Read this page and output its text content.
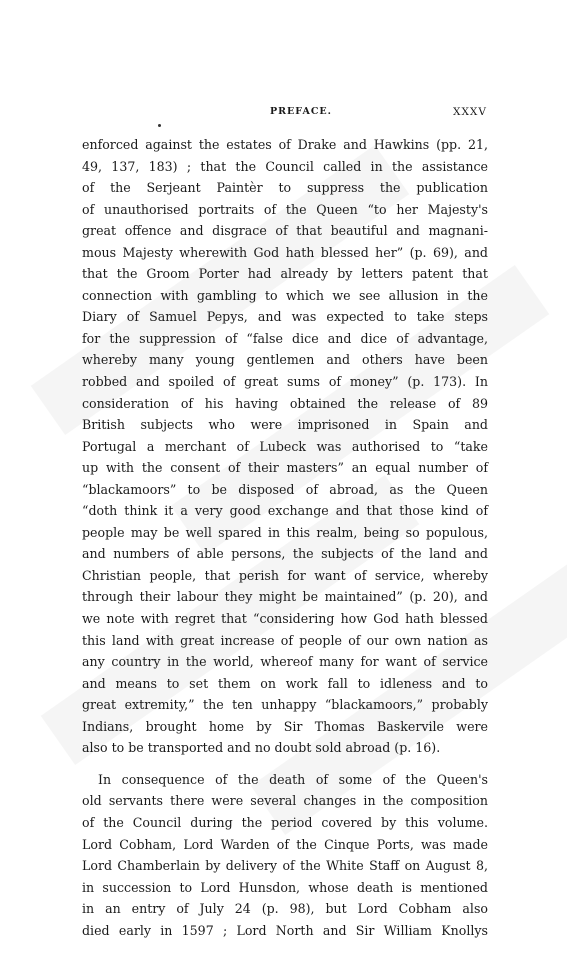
PREFACE.	XXXV
enforced against the estates of Drake and Hawkins (pp. 21,
49, 137, 183) ; that the Council called in the assistance
of the Serjeant Paintèr to suppress the publication
of unauthorised portraits of the Queen “to her Majesty's
great offence and disgrace of that beautiful and magnani-
mous Majesty wherewith God hath blessed her” (p. 69), and
that the Groom Porter had already by letters patent that
connection with gambling to which we see allusion in the
Diary of Samuel Pepys, and was expected to take steps
for the suppression of “false dice and dice of advantage,
whereby many young gentlemen and others have been
robbed and spoiled of great sums of money” (p. 173). In
consideration of his having obtained the release of 89
British subjects who were imprisoned in Spain and
Portugal a merchant of Lubeck was authorised to “take
up with the consent of their masters” an equal number of
“blackamoors” to be disposed of abroad, as the Queen
“doth think it a very good exchange and that those kind of
people may be well spared in this realm, being so populous,
and numbers of able persons, the subjects of the land and
Christian people, that perish for want of service, whereby
through their labour they might be maintained” (p. 20), and
we note with regret that “considering how God hath blessed
this land with great increase of people of our own nation as
any country in the world, whereof many for want of service
and means to set them on work fall to idleness and to
great extremity,” the ten unhappy “blackamoors,” probably
Indians, brought home by Sir Thomas Baskervile were
also to be transported and no doubt sold abroad (p. 16).
In consequence of the death of some of the Queen's
old servants there were several changes in the composition
of the Council during the period covered by this volume.
Lord Cobham, Lord Warden of the Cinque Ports, was made
Lord Chamberlain by delivery of the White Staff on August 8,
in succession to Lord Hunsdon, whose death is mentioned
in an entry of July 24 (p. 98), but Lord Cobham also
died early in 1597 ; Lord North and Sir William Knollys
